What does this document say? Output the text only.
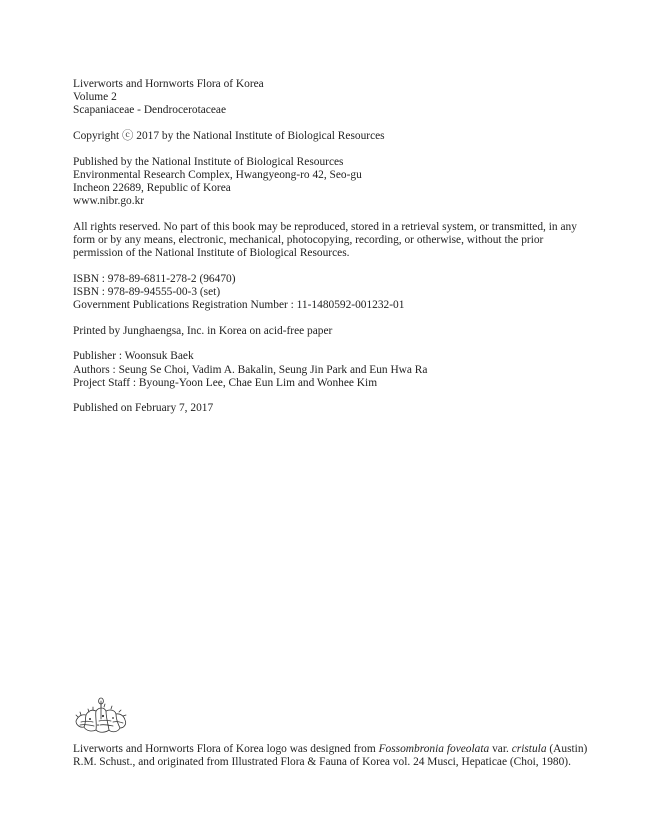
Liverworts and Hornworts Flora of Korea
Volume 2
Scapaniaceae - Dendrocerotaceae
Copyright ⓒ 2017 by the National Institute of Biological Resources
Published by the National Institute of Biological Resources
Environmental Research Complex, Hwangyeong-ro 42, Seo-gu
Incheon 22689, Republic of Korea
www.nibr.go.kr
All rights reserved. No part of this book may be reproduced, stored in a retrieval system, or transmitted, in any form or by any means, electronic, mechanical, photocopying, recording, or otherwise, without the prior permission of the National Institute of Biological Resources.
ISBN : 978-89-6811-278-2 (96470)
ISBN : 978-89-94555-00-3 (set)
Government Publications Registration Number : 11-1480592-001232-01
Printed by Junghaengsa, Inc. in Korea on acid-free paper
Publisher : Woonsuk Baek
Authors : Seung Se Choi, Vadim A. Bakalin, Seung Jin Park and Eun Hwa Ra
Project Staff : Byoung-Yoon Lee, Chae Eun Lim and Wonhee Kim
Published on February 7, 2017
Liverworts and Hornworts Flora of Korea logo was designed from Fossombronia foveolata var. cristula (Austin) R.M. Schust., and originated from Illustrated Flora & Fauna of Korea vol. 24 Musci, Hepaticae (Choi, 1980).
